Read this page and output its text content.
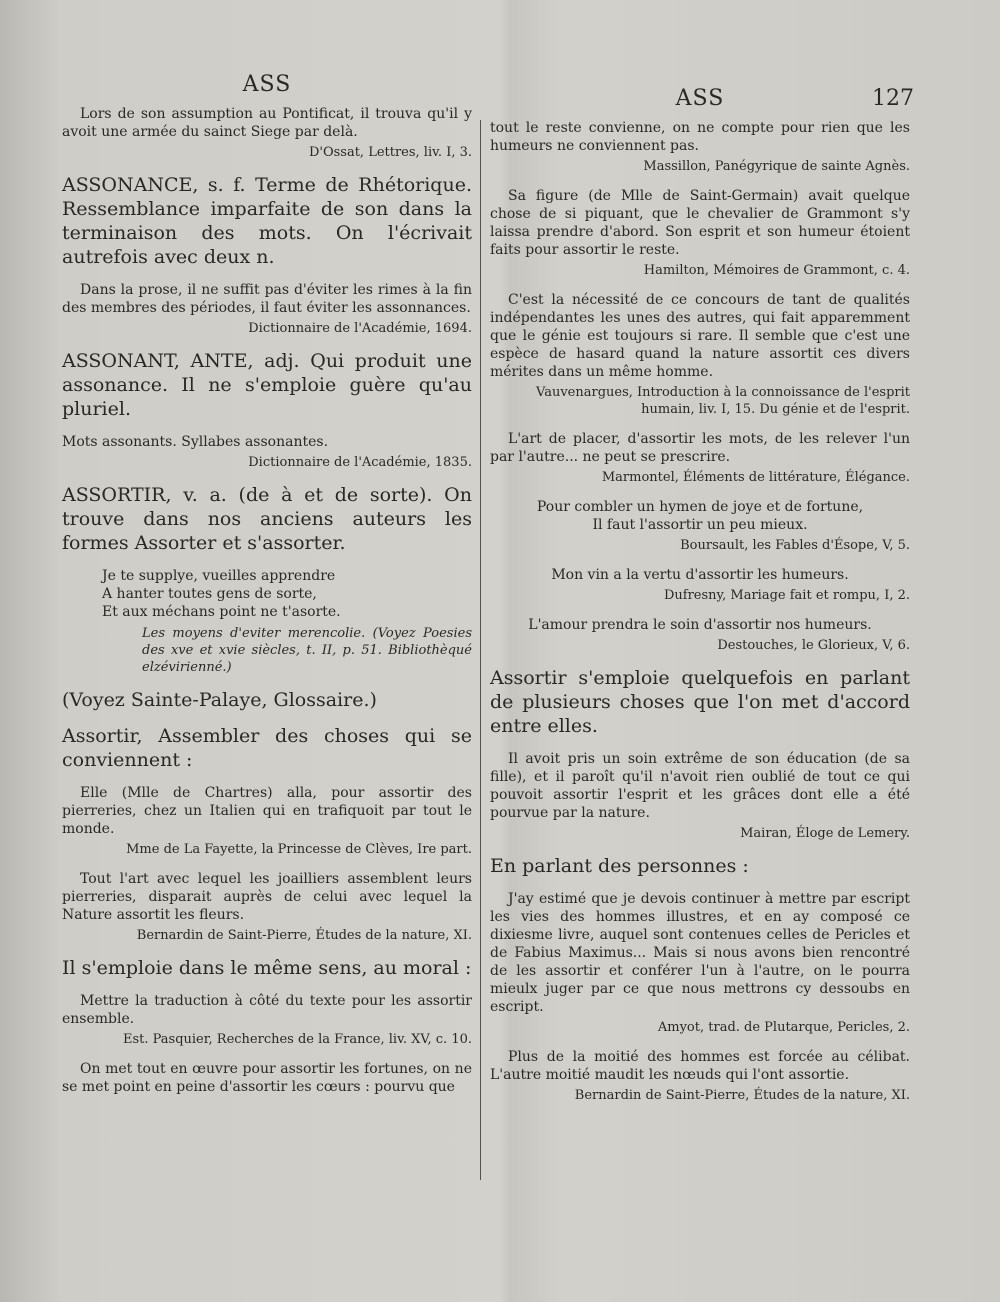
127
ASS

Lors de son assumption au Pontificat, il trouva qu'il y avoit une armée du sainct Siege par delà.

D'Ossat, Lettres, liv. I, 3.

ASSONANCE, s. f. Terme de Rhétorique. Ressemblance imparfaite de son dans la terminaison des mots. On l'écrivait autrefois avec deux n.

Dans la prose, il ne suffit pas d'éviter les rimes à la fin des membres des périodes, il faut éviter les assonnances.

Dictionnaire de l'Académie, 1694.

ASSONANT, ANTE, adj. Qui produit une assonance. Il ne s'emploie guère qu'au pluriel.

Mots assonants. Syllabes assonantes.

Dictionnaire de l'Académie, 1835.

ASSORTIR, v. a. (de à et de sorte). On trouve dans nos anciens auteurs les formes Assorter et s'assorter.

Je te supplye, vueilles apprendre
A hanter toutes gens de sorte,
Et aux méchans point ne t'asorte.

Les moyens d'eviter merencolie. (Voyez Poesies des xve et xvie siècles, t. II, p. 51. Bibliothèqué elzévirienné.)

(Voyez Sainte-Palaye, Glossaire.)

Assortir, Assembler des choses qui se conviennent :

Elle (Mlle de Chartres) alla, pour assortir des pierreries, chez un Italien qui en trafiquoit par tout le monde.

Mme de La Fayette, la Princesse de Clèves, Ire part.

Tout l'art avec lequel les joailliers assemblent leurs pierreries, disparait auprès de celui avec lequel la Nature assortit les fleurs.

Bernardin de Saint-Pierre, Études de la nature, XI.

Il s'emploie dans le même sens, au moral :

Mettre la traduction à côté du texte pour les assortir ensemble.

Est. Pasquier, Recherches de la France, liv. XV, c. 10.

On met tout en œuvre pour assortir les fortunes, on ne se met point en peine d'assortir les cœurs : pourvu que

ASS

tout le reste convienne, on ne compte pour rien que les humeurs ne conviennent pas.

Massillon, Panégyrique de sainte Agnès.

Sa figure (de Mlle de Saint-Germain) avait quelque chose de si piquant, que le chevalier de Grammont s'y laissa prendre d'abord. Son esprit et son humeur étoient faits pour assortir le reste.

Hamilton, Mémoires de Grammont, c. 4.

C'est la nécessité de ce concours de tant de qualités indépendantes les unes des autres, qui fait apparemment que le génie est toujours si rare. Il semble que c'est une espèce de hasard quand la nature assortit ces divers mérites dans un même homme.

Vauvenargues, Introduction à la connoissance de l'esprit humain, liv. I, 15. Du génie et de l'esprit.

L'art de placer, d'assortir les mots, de les relever l'un par l'autre... ne peut se prescrire.

Marmontel, Éléments de littérature, Élégance.

Pour combler un hymen de joye et de fortune,

Il faut l'assortir un peu mieux.

Boursault, les Fables d'Ésope, V, 5.

Mon vin a la vertu d'assortir les humeurs.

Dufresny, Mariage fait et rompu, I, 2.

L'amour prendra le soin d'assortir nos humeurs.

Destouches, le Glorieux, V, 6.

Assortir s'emploie quelquefois en parlant de plusieurs choses que l'on met d'accord entre elles.

Il avoit pris un soin extrême de son éducation (de sa fille), et il paroît qu'il n'avoit rien oublié de tout ce qui pouvoit assortir l'esprit et les grâces dont elle a été pourvue par la nature.

Mairan, Éloge de Lemery.

En parlant des personnes :

J'ay estimé que je devois continuer à mettre par escript les vies des hommes illustres, et en ay composé ce dixiesme livre, auquel sont contenues celles de Pericles et de Fabius Maximus... Mais si nous avons bien rencontré de les assortir et conférer l'un à l'autre, on le pourra mieulx juger par ce que nous mettrons cy dessoubs en escript.

Amyot, trad. de Plutarque, Pericles, 2.

Plus de la moitié des hommes est forcée au célibat. L'autre moitié maudit les nœuds qui l'ont assortie.

Bernardin de Saint-Pierre, Études de la nature, XI.
